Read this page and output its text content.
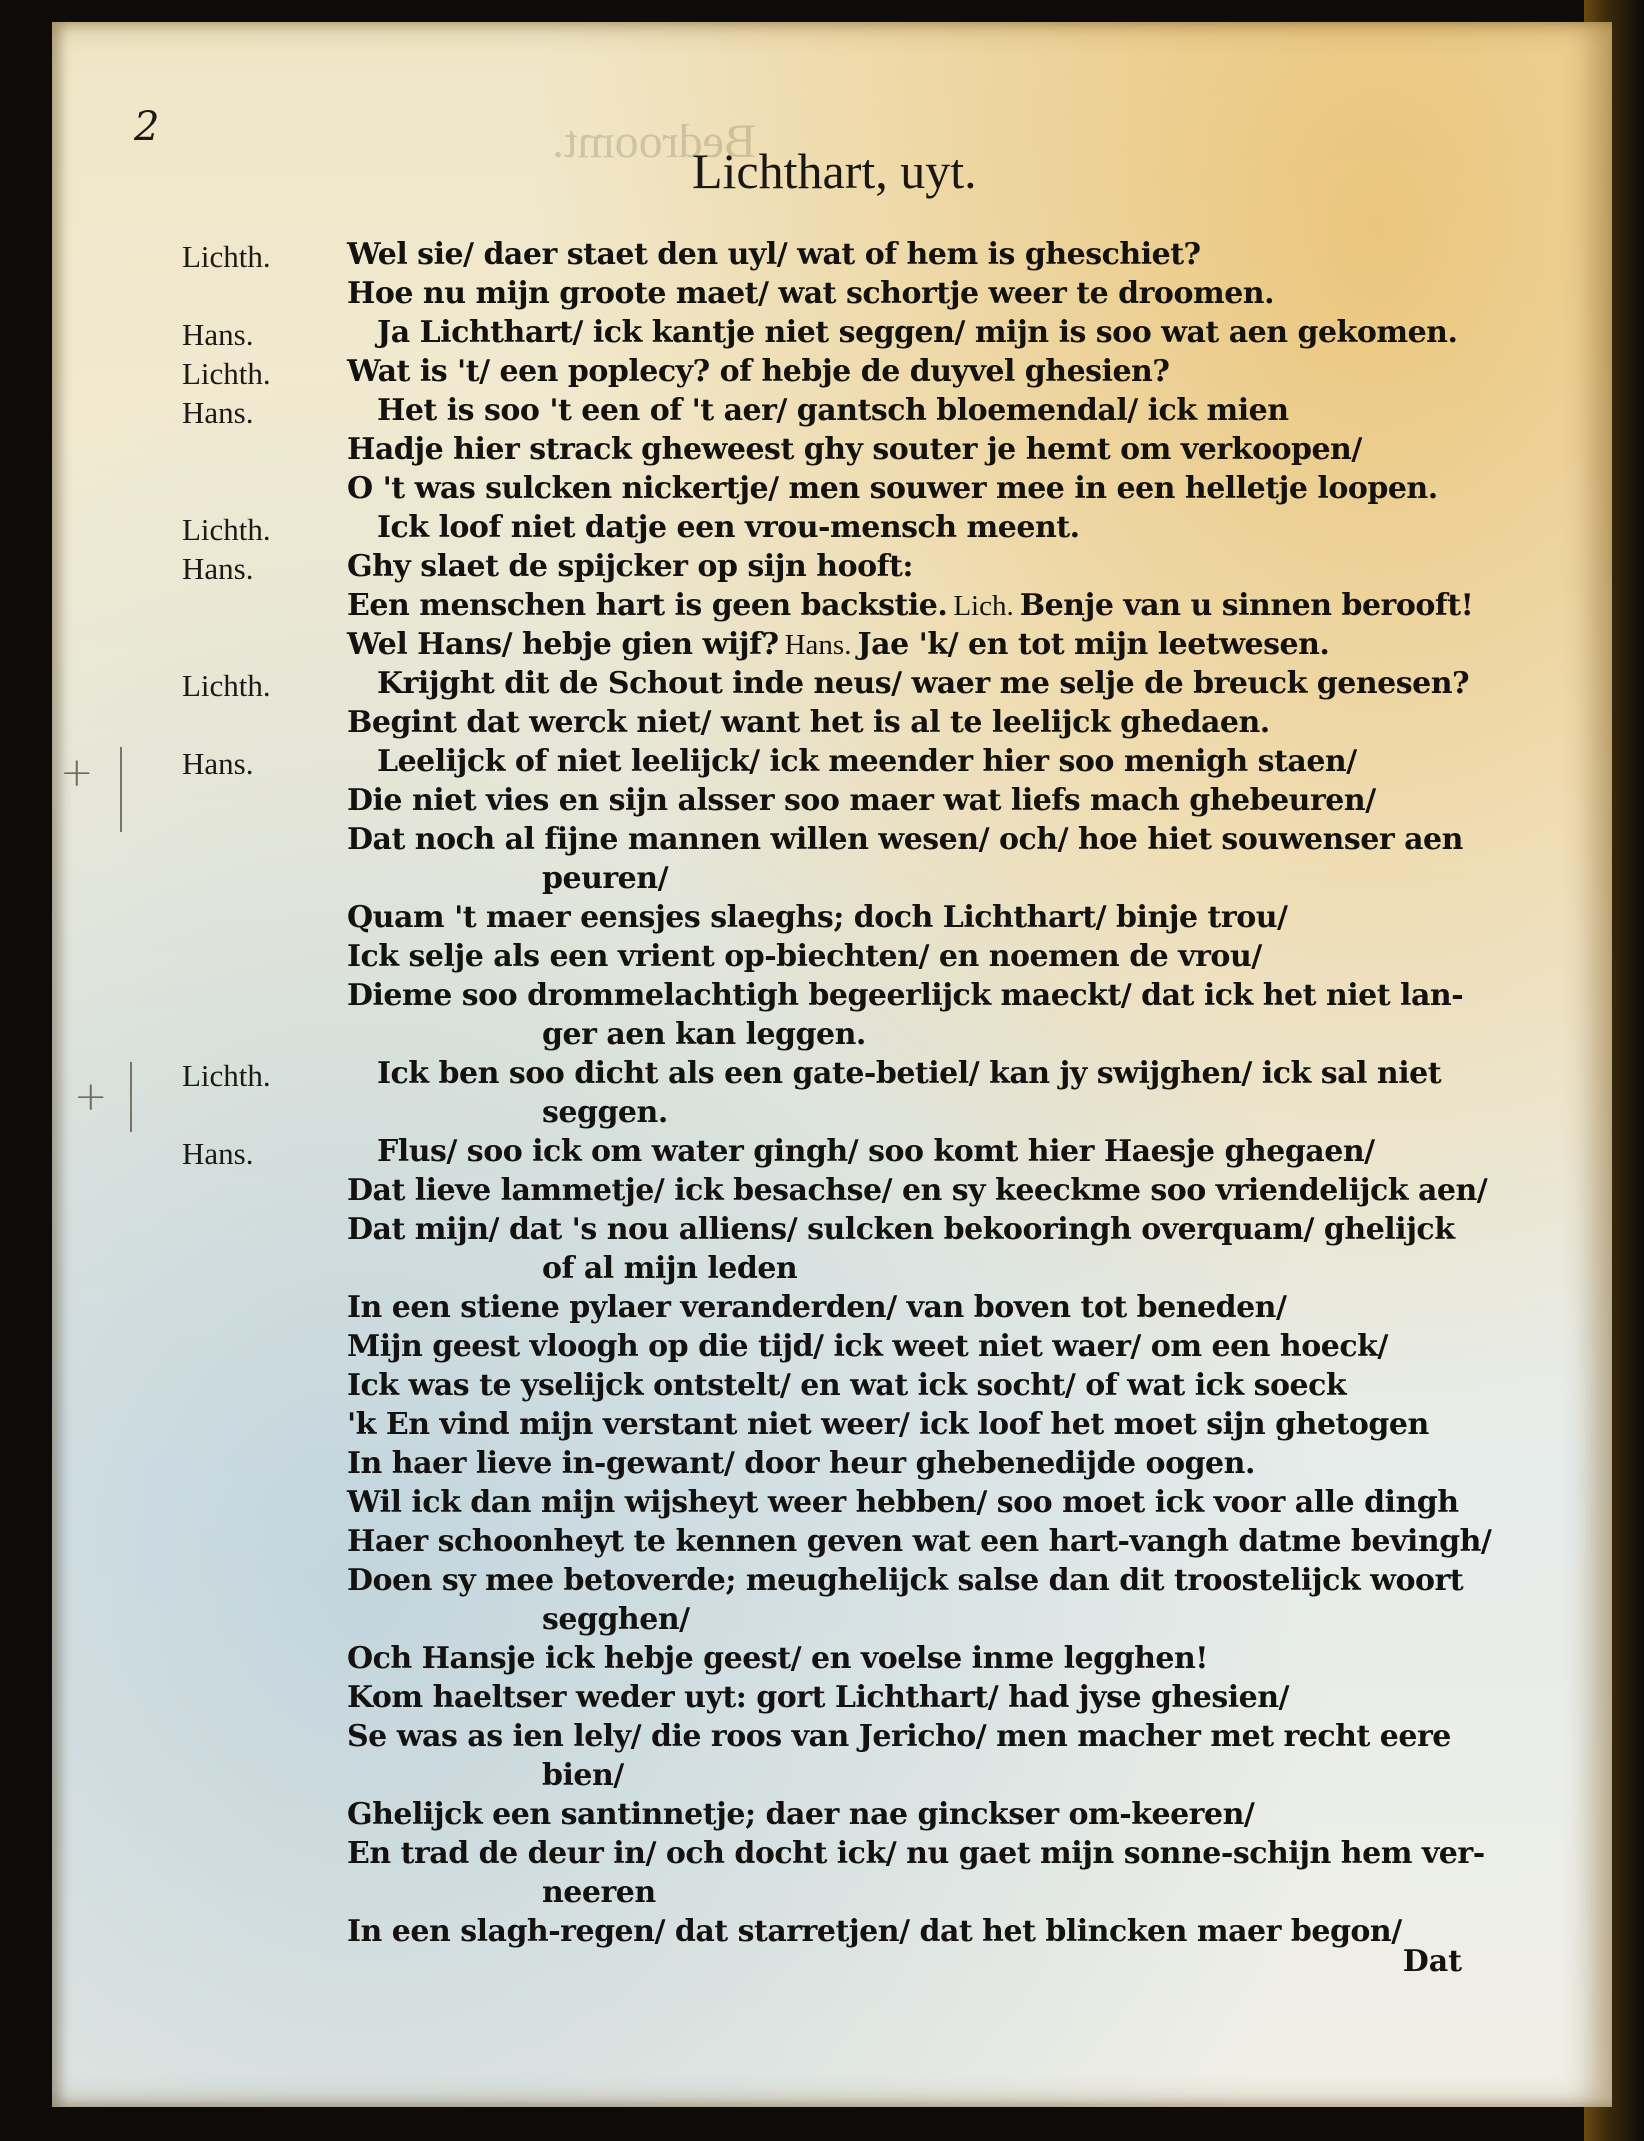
Bedroomt.
2
Lichthart, uyt.
+
+
Lichth.	Wel sie/ daer staet den uyl/ wat of hem is gheschiet?
Hoe nu mijn groote maet/ wat schortje weer te droomen.
Hans.	Ja Lichthart/ ick kantje niet seggen/ mijn is soo wat aen gekomen.
Lichth.	Wat is 't/ een poplecy? of hebje de duyvel ghesien?
Hans.	Het is soo 't een of 't aer/ gantsch bloemendal/ ick mien
Hadje hier strack gheweest ghy souter je hemt om verkoopen/
O 't was sulcken nickertje/ men souwer mee in een helletje loopen.
Lichth.	Ick loof niet datje een vrou-mensch meent.
Hans.	Ghy slaet de spijcker op sijn hooft:
Een menschen hart is geen backstie. Lich. Benje van u sinnen berooft!
Wel Hans/ hebje gien wijf? Hans. Jae 'k/ en tot mijn leetwesen.
Lichth.	Krijght dit de Schout inde neus/ waer me selje de breuck genesen?
Begint dat werck niet/ want het is al te leelijck ghedaen.
Hans.	Leelijck of niet leelijck/ ick meender hier soo menigh staen/
Die niet vies en sijn alsser soo maer wat liefs mach ghebeuren/
Dat noch al fijne mannen willen wesen/ och/ hoe hiet souwenser aen
peuren/
Quam 't maer eensjes slaeghs; doch Lichthart/ binje trou/
Ick selje als een vrient op-biechten/ en noemen de vrou/
Dieme soo drommelachtigh begeerlijck maeckt/ dat ick het niet lan-
ger aen kan leggen.
Lichth.	Ick ben soo dicht als een gate-betiel/ kan jy swijghen/ ick sal niet
seggen.
Hans.	Flus/ soo ick om water gingh/ soo komt hier Haesje ghegaen/
Dat lieve lammetje/ ick besachse/ en sy keeckme soo vriendelijck aen/
Dat mijn/ dat 's nou alliens/ sulcken bekooringh overquam/ ghelijck
of al mijn leden
In een stiene pylaer veranderden/ van boven tot beneden/
Mijn geest vloogh op die tijd/ ick weet niet waer/ om een hoeck/
Ick was te yselijck ontstelt/ en wat ick socht/ of wat ick soeck
'k En vind mijn verstant niet weer/ ick loof het moet sijn ghetogen
In haer lieve in-gewant/ door heur ghebenedijde oogen.
Wil ick dan mijn wijsheyt weer hebben/ soo moet ick voor alle dingh
Haer schoonheyt te kennen geven wat een hart-vangh datme bevingh/
Doen sy mee betoverde; meughelijck salse dan dit troostelijck woort
segghen/
Och Hansje ick hebje geest/ en voelse inme legghen!
Kom haeltser weder uyt: gort Lichthart/ had jyse ghesien/
Se was as ien lely/ die roos van Jericho/ men macher met recht eere
bien/
Ghelijck een santinnetje; daer nae ginckser om-keeren/
En trad de deur in/ och docht ick/ nu gaet mijn sonne-schijn hem ver-
neeren
In een slagh-regen/ dat starretjen/ dat het blincken maer begon/
Dat
